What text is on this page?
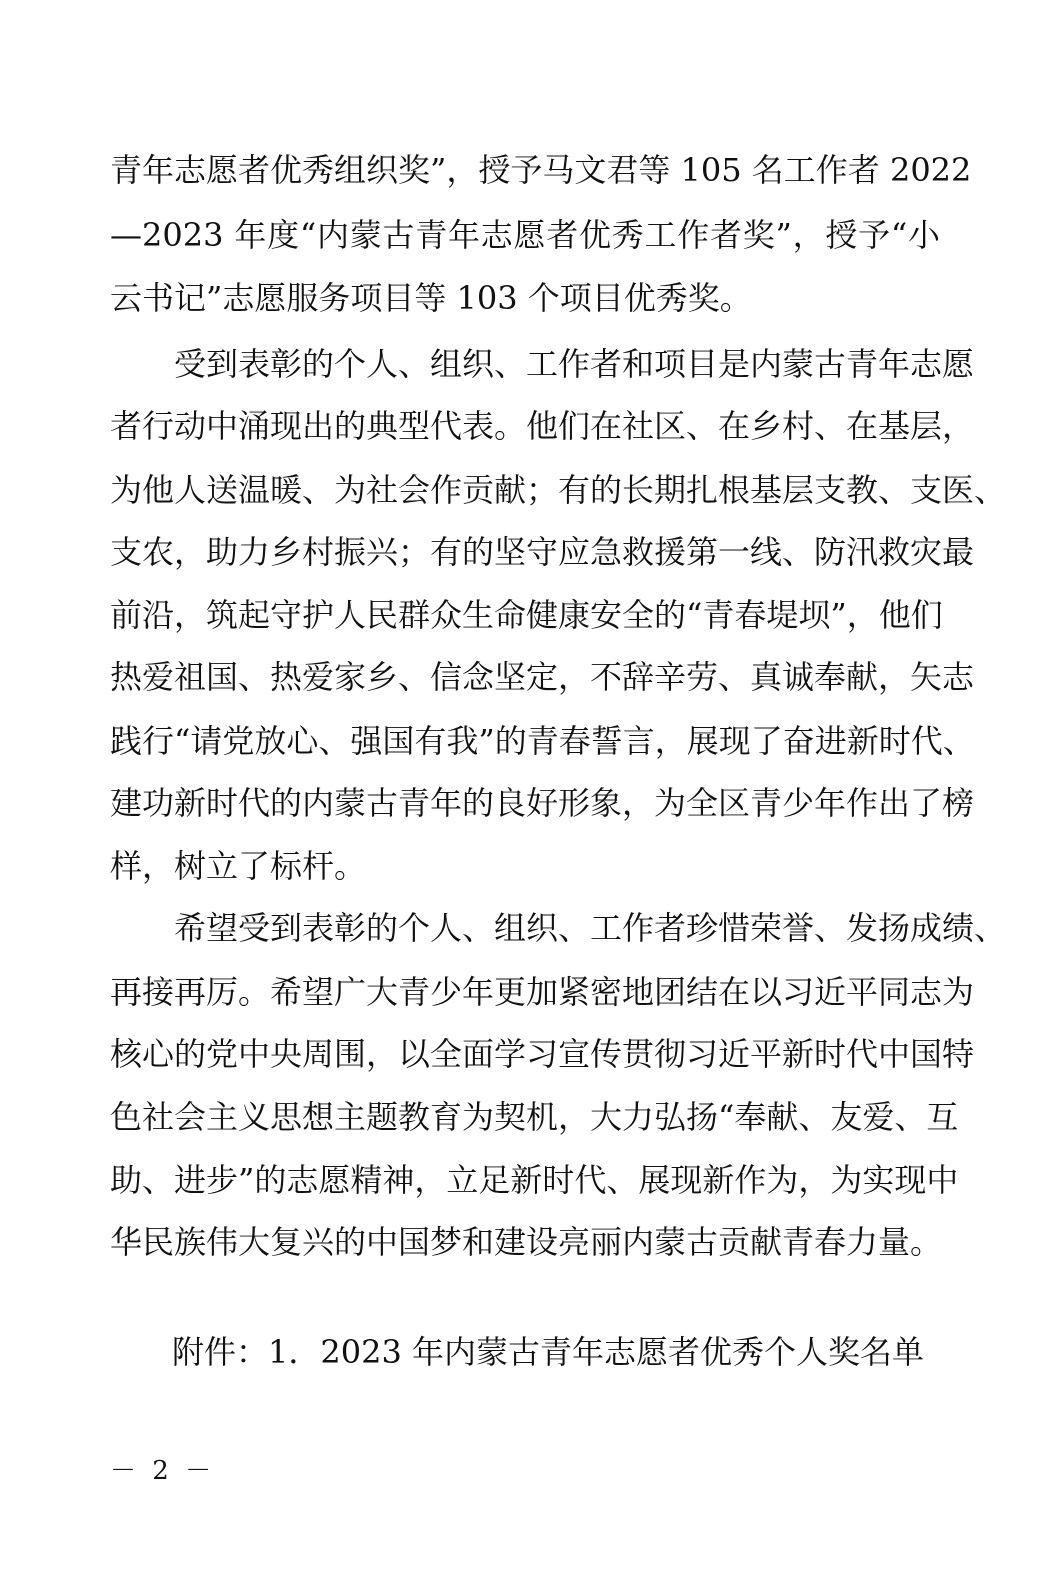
青年志愿者优秀组织奖”，授予马文君等 105 名工作者 2022
—2023 年度“内蒙古青年志愿者优秀工作者奖”，授予“小
云书记”志愿服务项目等 103 个项目优秀奖。
　　受到表彰的个人、组织、工作者和项目是内蒙古青年志愿
者行动中涌现出的典型代表。他们在社区、在乡村、在基层，
为他人送温暖、为社会作贡献；有的长期扎根基层支教、支医、
支农，助力乡村振兴；有的坚守应急救援第一线、防汛救灾最
前沿，筑起守护人民群众生命健康安全的“青春堤坝”，他们
热爱祖国、热爱家乡、信念坚定，不辞辛劳、真诚奉献，矢志
践行“请党放心、强国有我”的青春誓言，展现了奋进新时代、
建功新时代的内蒙古青年的良好形象，为全区青少年作出了榜
样，树立了标杆。
　　希望受到表彰的个人、组织、工作者珍惜荣誉、发扬成绩、
再接再厉。希望广大青少年更加紧密地团结在以习近平同志为
核心的党中央周围，以全面学习宣传贯彻习近平新时代中国特
色社会主义思想主题教育为契机，大力弘扬“奉献、友爱、互
助、进步”的志愿精神，立足新时代、展现新作为，为实现中
华民族伟大复兴的中国梦和建设亮丽内蒙古贡献青春力量。
附件：1．2023 年内蒙古青年志愿者优秀个人奖名单
－ 2 －
